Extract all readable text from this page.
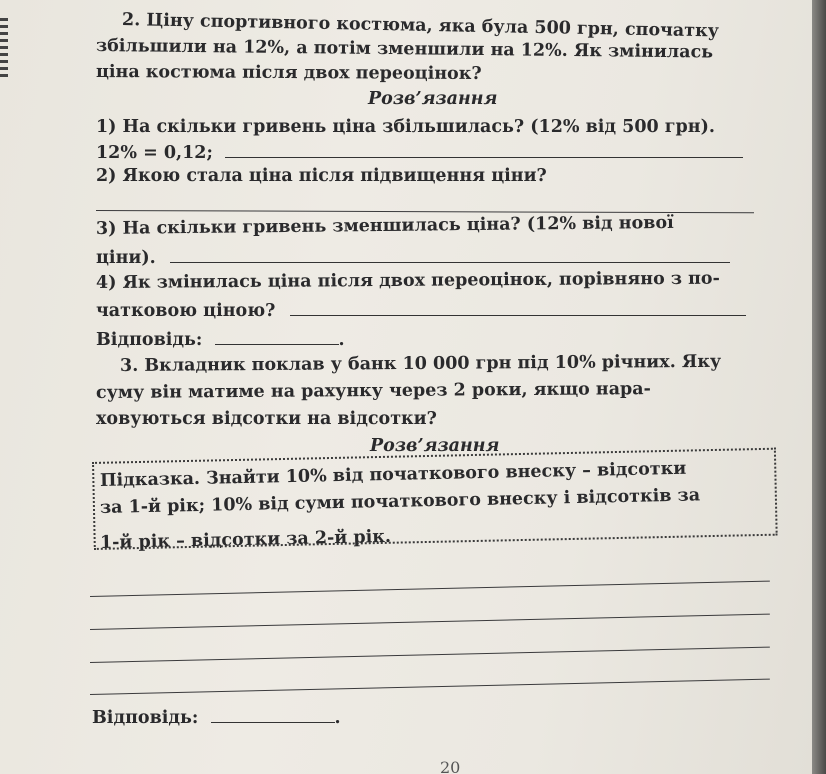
2. Ціну спортивного костюма, яка була 500 грн, спочатку

збільшили на 12%, а потім зменшили на 12%. Як змінилась

ціна костюма після двох переоцінок?

Розв’язання

1) На скільки гривень ціна збільшилась? (12% від 500 грн).

12% = 0,12;

2) Якою стала ціна після підвищення ціни?

3) На скільки гривень зменшилась ціна? (12% від нової

ціни).

4) Як змінилась ціна після двох переоцінок, порівняно з по-

чатковою ціною?

Відповідь:	.

3. Вкладник поклав у банк 10 000 грн під 10% річних. Яку

суму він матиме на рахунку через 2 роки, якщо нара-

ховуються відсотки на відсотки?

Розв’язання

Підказка. Знайти 10% від початкового внеску – відсотки

за 1-й рік; 10% від суми початкового внеску і відсотків за

1-й рік – відсотки за 2-й рік.

Відповідь:	.

20
